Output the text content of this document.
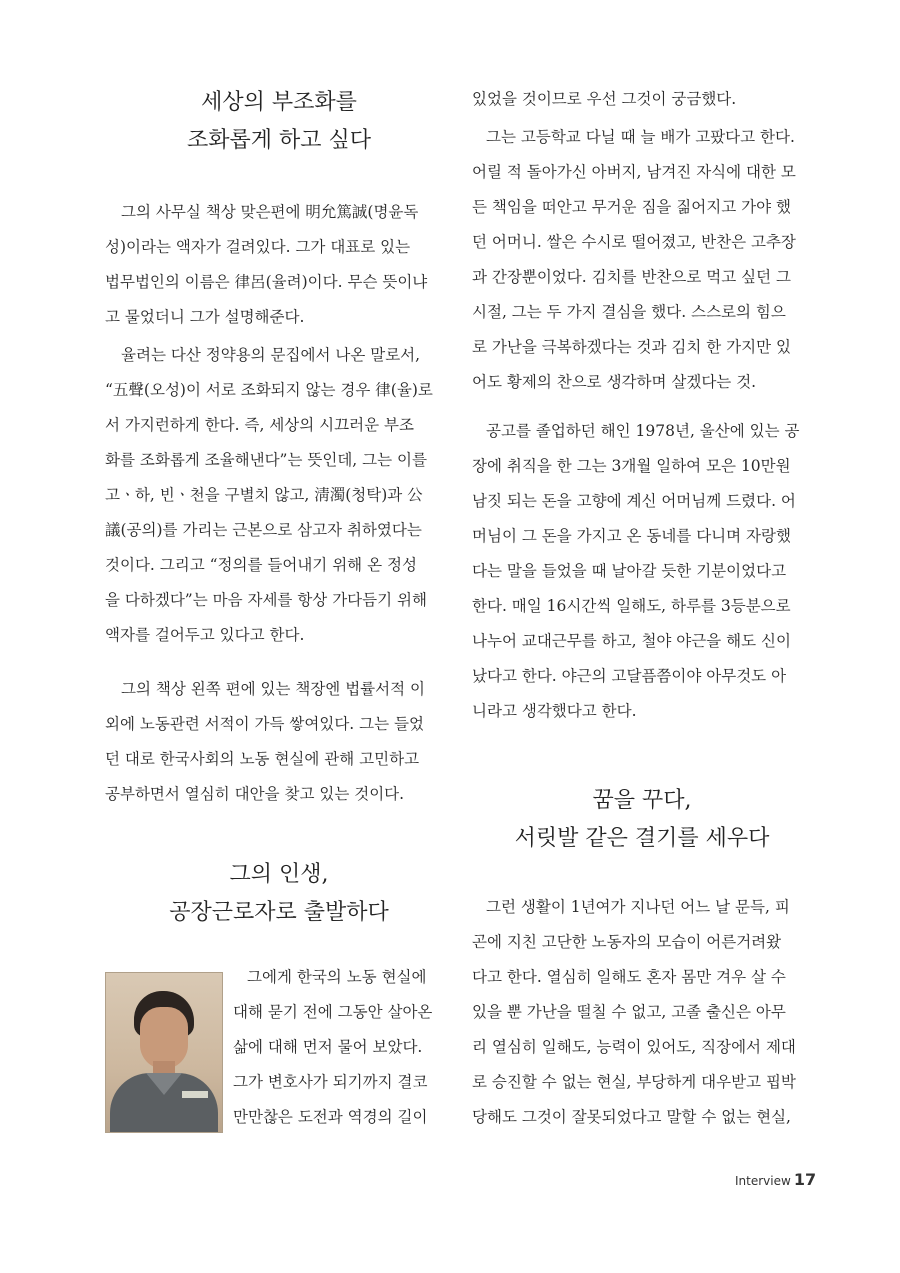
세상의 부조화를
조화롭게 하고 싶다

그의 사무실 책상 맞은편에 明允篤誠(명윤독
성)이라는 액자가 걸려있다. 그가 대표로 있는
법무법인의 이름은 律呂(율려)이다. 무슨 뜻이냐
고 물었더니 그가 설명해준다.

율려는 다산 정약용의 문집에서 나온 말로서,
“五聲(오성)이 서로 조화되지 않는 경우 律(율)로
서 가지런하게 한다. 즉, 세상의 시끄러운 부조
화를 조화롭게 조율해낸다”는 뜻인데, 그는 이를
고ㆍ하, 빈ㆍ천을 구별치 않고, 淸濁(청탁)과 公
議(공의)를 가리는 근본으로 삼고자 취하였다는
것이다. 그리고 “정의를 들어내기 위해 온 정성
을 다하겠다”는 마음 자세를 항상 가다듬기 위해
액자를 걸어두고 있다고 한다.

그의 책상 왼쪽 편에 있는 책장엔 법률서적 이
외에 노동관련 서적이 가득 쌓여있다. 그는 들었
던 대로 한국사회의 노동 현실에 관해 고민하고
공부하면서 열심히 대안을 찾고 있는 것이다.

그의 인생,
공장근로자로 출발하다

그에게 한국의 노동 현실에
대해 묻기 전에 그동안 살아온
삶에 대해 먼저 물어 보았다.
그가 변호사가 되기까지 결코
만만찮은 도전과 역경의 길이

있었을 것이므로 우선 그것이 궁금했다.

그는 고등학교 다닐 때 늘 배가 고팠다고 한다.
어릴 적 돌아가신 아버지, 남겨진 자식에 대한 모
든 책임을 떠안고 무거운 짐을 짊어지고 가야 했
던 어머니. 쌀은 수시로 떨어졌고, 반찬은 고추장
과 간장뿐이었다. 김치를 반찬으로 먹고 싶던 그
시절, 그는 두 가지 결심을 했다. 스스로의 힘으
로 가난을 극복하겠다는 것과 김치 한 가지만 있
어도 황제의 찬으로 생각하며 살겠다는 것.

공고를 졸업하던 해인 1978년, 울산에 있는 공
장에 취직을 한 그는 3개월 일하여 모은 10만원
남짓 되는 돈을 고향에 계신 어머님께 드렸다. 어
머님이 그 돈을 가지고 온 동네를 다니며 자랑했
다는 말을 들었을 때 날아갈 듯한 기분이었다고
한다. 매일 16시간씩 일해도, 하루를 3등분으로
나누어 교대근무를 하고, 철야 야근을 해도 신이
났다고 한다. 야근의 고달픔쯤이야 아무것도 아
니라고 생각했다고 한다.

꿈을 꾸다,
서릿발 같은 결기를 세우다

그런 생활이 1년여가 지나던 어느 날 문득, 피
곤에 지친 고단한 노동자의 모습이 어른거려왔
다고 한다. 열심히 일해도 혼자 몸만 겨우 살 수
있을 뿐 가난을 떨칠 수 없고, 고졸 출신은 아무
리 열심히 일해도, 능력이 있어도, 직장에서 제대
로 승진할 수 없는 현실, 부당하게 대우받고 핍박
당해도 그것이 잘못되었다고 말할 수 없는 현실,

Interview 17
